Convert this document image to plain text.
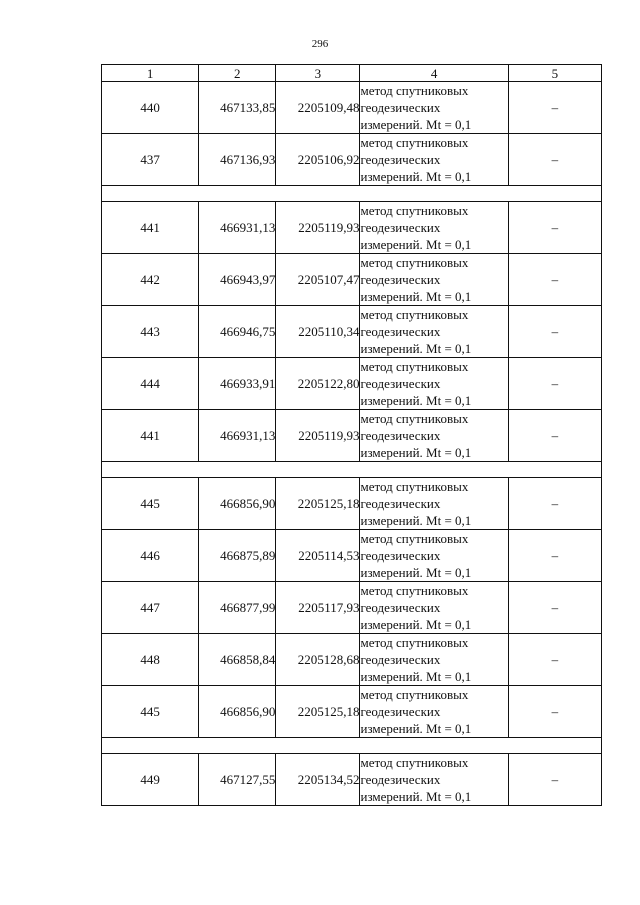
296
1	2	3	4	5
440	467133,85	2205109,48	метод спутниковых
геодезических
измерений. Mt = 0,1	–
437	467136,93	2205106,92	метод спутниковых
геодезических
измерений. Mt = 0,1	–

441	466931,13	2205119,93	метод спутниковых
геодезических
измерений. Mt = 0,1	–
442	466943,97	2205107,47	метод спутниковых
геодезических
измерений. Mt = 0,1	–
443	466946,75	2205110,34	метод спутниковых
геодезических
измерений. Mt = 0,1	–
444	466933,91	2205122,80	метод спутниковых
геодезических
измерений. Mt = 0,1	–
441	466931,13	2205119,93	метод спутниковых
геодезических
измерений. Mt = 0,1	–

445	466856,90	2205125,18	метод спутниковых
геодезических
измерений. Mt = 0,1	–
446	466875,89	2205114,53	метод спутниковых
геодезических
измерений. Mt = 0,1	–
447	466877,99	2205117,93	метод спутниковых
геодезических
измерений. Mt = 0,1	–
448	466858,84	2205128,68	метод спутниковых
геодезических
измерений. Mt = 0,1	–
445	466856,90	2205125,18	метод спутниковых
геодезических
измерений. Mt = 0,1	–

449	467127,55	2205134,52	метод спутниковых
геодезических
измерений. Mt = 0,1	–
